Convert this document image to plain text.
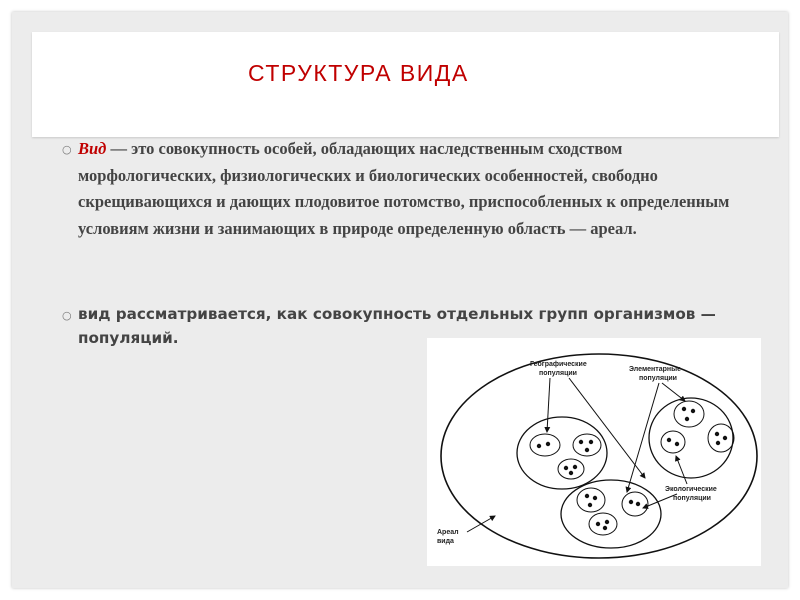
СТРУКТУРА ВИДА
○ Вид — это совокупность особей, обладающих наследственным сходством морфологических, физиологических и биологических особенностей, свободно скрещивающихся и дающих плодовитое потомство, приспособленных к определенным условиям жизни и занимающих в природе определенную область — ареал.

○ вид рассматривается, как совокупность отдельных групп организмов — популяций.

Географические
популяции
Элементарные
популяции
Экологические
популяции
Ареал
вида
